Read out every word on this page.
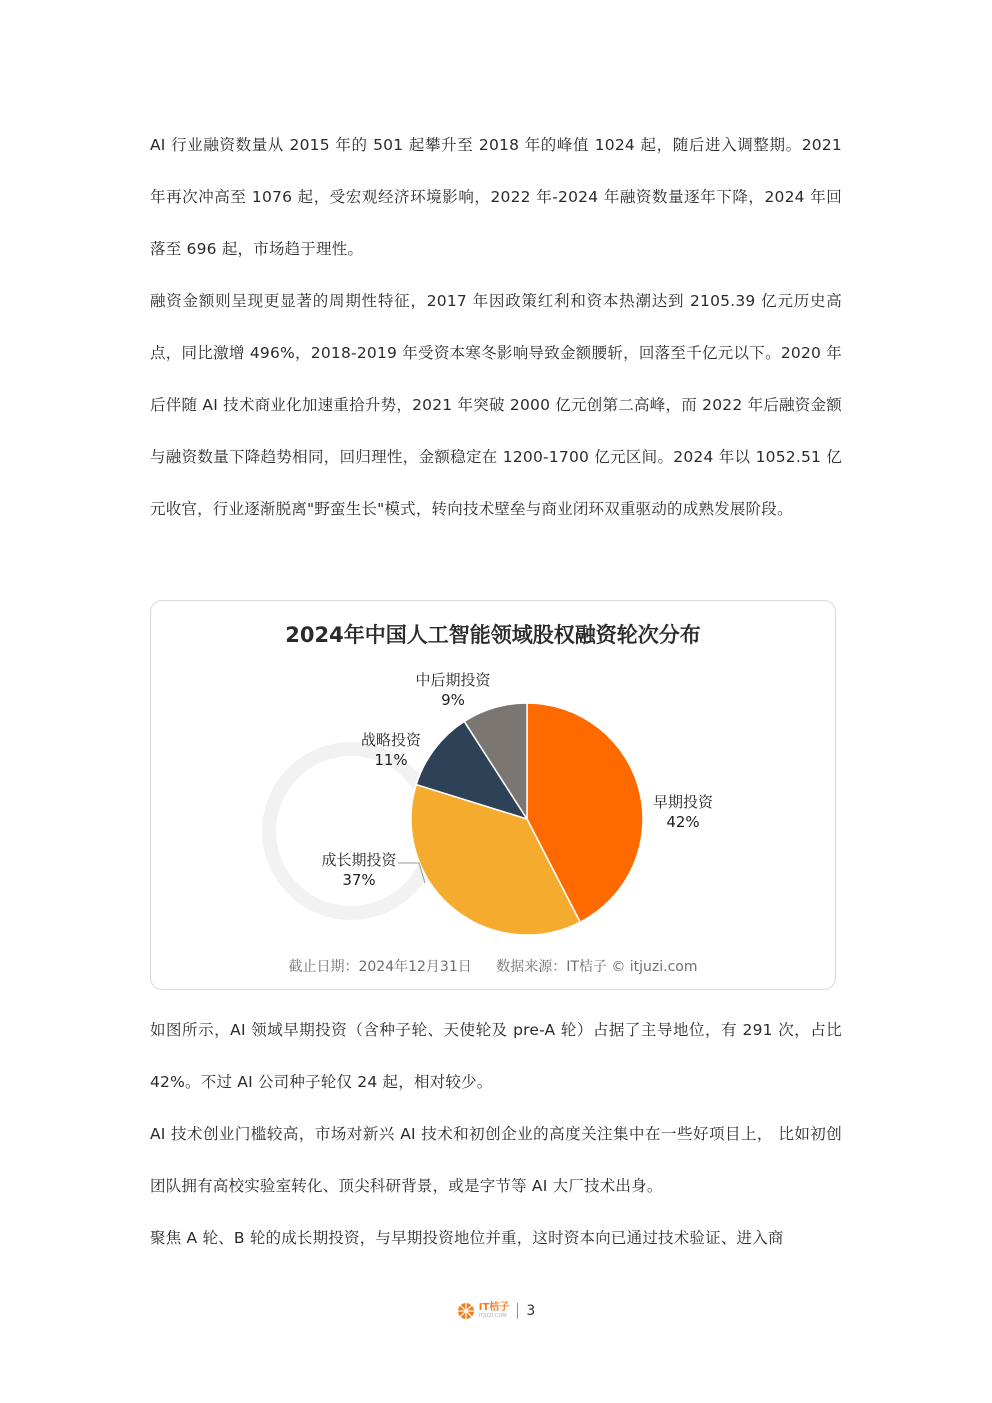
AI 行业融资数量从 2015 年的 501 起攀升至 2018 年的峰值 1024 起，随后进入调整期。2021 年再次冲高至 1076 起，受宏观经济环境影响，2022 年-2024 年融资数量逐年下降，2024 年回落至 696 起，市场趋于理性。

融资金额则呈现更显著的周期性特征，2017 年因政策红利和资本热潮达到 2105.39 亿元历史高点，同比激增 496%，2018-2019 年受资本寒冬影响导致金额腰斩，回落至千亿元以下。2020 年后伴随 AI 技术商业化加速重拾升势，2021 年突破 2000 亿元创第二高峰，而 2022 年后融资金额与融资数量下降趋势相同，回归理性，金额稳定在 1200-1700 亿元区间。2024 年以 1052.51 亿元收官，行业逐渐脱离"野蛮生长"模式，转向技术壁垒与商业闭环双重驱动的成熟发展阶段。

2024年中国人工智能领域股权融资轮次分布

早期投资
42%
成长期投资
37%
战略投资
11%
中后期投资
9%

截止日期：2024年12月31日 数据来源：IT桔子 © itjuzi.com

如图所示，AI 领域早期投资（含种子轮、天使轮及 pre-A 轮）占据了主导地位，有 291 次，占比 42%。不过 AI 公司种子轮仅 24 起，相对较少。

AI 技术创业门槛较高，市场对新兴 AI 技术和初创企业的高度关注集中在一些好项目上， 比如初创团队拥有高校实验室转化、顶尖科研背景，或是字节等 AI 大厂技术出身。

聚焦 A 轮、B 轮的成长期投资，与早期投资地位并重，这时资本向已通过技术验证、进入商

IT桔子
ITJUZI.COM 3
